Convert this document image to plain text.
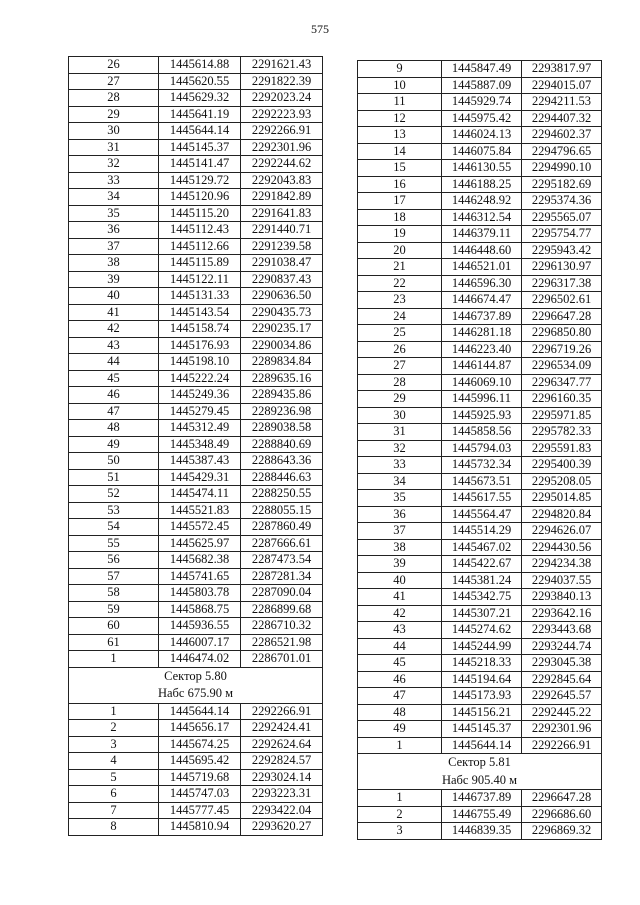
575
26	1445614.88	2291621.43
27	1445620.55	2291822.39
28	1445629.32	2292023.24
29	1445641.19	2292223.93
30	1445644.14	2292266.91
31	1445145.37	2292301.96
32	1445141.47	2292244.62
33	1445129.72	2292043.83
34	1445120.96	2291842.89
35	1445115.20	2291641.83
36	1445112.43	2291440.71
37	1445112.66	2291239.58
38	1445115.89	2291038.47
39	1445122.11	2290837.43
40	1445131.33	2290636.50
41	1445143.54	2290435.73
42	1445158.74	2290235.17
43	1445176.93	2290034.86
44	1445198.10	2289834.84
45	1445222.24	2289635.16
46	1445249.36	2289435.86
47	1445279.45	2289236.98
48	1445312.49	2289038.58
49	1445348.49	2288840.69
50	1445387.43	2288643.36
51	1445429.31	2288446.63
52	1445474.11	2288250.55
53	1445521.83	2288055.15
54	1445572.45	2287860.49
55	1445625.97	2287666.61
56	1445682.38	2287473.54
57	1445741.65	2287281.34
58	1445803.78	2287090.04
59	1445868.75	2286899.68
60	1445936.55	2286710.32
61	1446007.17	2286521.98
1	1446474.02	2286701.01

Сектор 5.80
Набс 675.90 м		

1	1445644.14	2292266.91
2	1445656.17	2292424.41
3	1445674.25	2292624.64
4	1445695.42	2292824.57
5	1445719.68	2293024.14
6	1445747.03	2293223.31
7	1445777.45	2293422.04
8	1445810.94	2293620.27
9	1445847.49	2293817.97
10	1445887.09	2294015.07
11	1445929.74	2294211.53
12	1445975.42	2294407.32
13	1446024.13	2294602.37
14	1446075.84	2294796.65
15	1446130.55	2294990.10
16	1446188.25	2295182.69
17	1446248.92	2295374.36
18	1446312.54	2295565.07
19	1446379.11	2295754.77
20	1446448.60	2295943.42
21	1446521.01	2296130.97
22	1446596.30	2296317.38
23	1446674.47	2296502.61
24	1446737.89	2296647.28
25	1446281.18	2296850.80
26	1446223.40	2296719.26
27	1446144.87	2296534.09
28	1446069.10	2296347.77
29	1445996.11	2296160.35
30	1445925.93	2295971.85
31	1445858.56	2295782.33
32	1445794.03	2295591.83
33	1445732.34	2295400.39
34	1445673.51	2295208.05
35	1445617.55	2295014.85
36	1445564.47	2294820.84
37	1445514.29	2294626.07
38	1445467.02	2294430.56
39	1445422.67	2294234.38
40	1445381.24	2294037.55
41	1445342.75	2293840.13
42	1445307.21	2293642.16
43	1445274.62	2293443.68
44	1445244.99	2293244.74
45	1445218.33	2293045.38
46	1445194.64	2292845.64
47	1445173.93	2292645.57
48	1445156.21	2292445.22
49	1445145.37	2292301.96
1	1445644.14	2292266.91

Сектор 5.81
Набс 905.40 м		

1	1446737.89	2296647.28
2	1446755.49	2296686.60
3	1446839.35	2296869.32
